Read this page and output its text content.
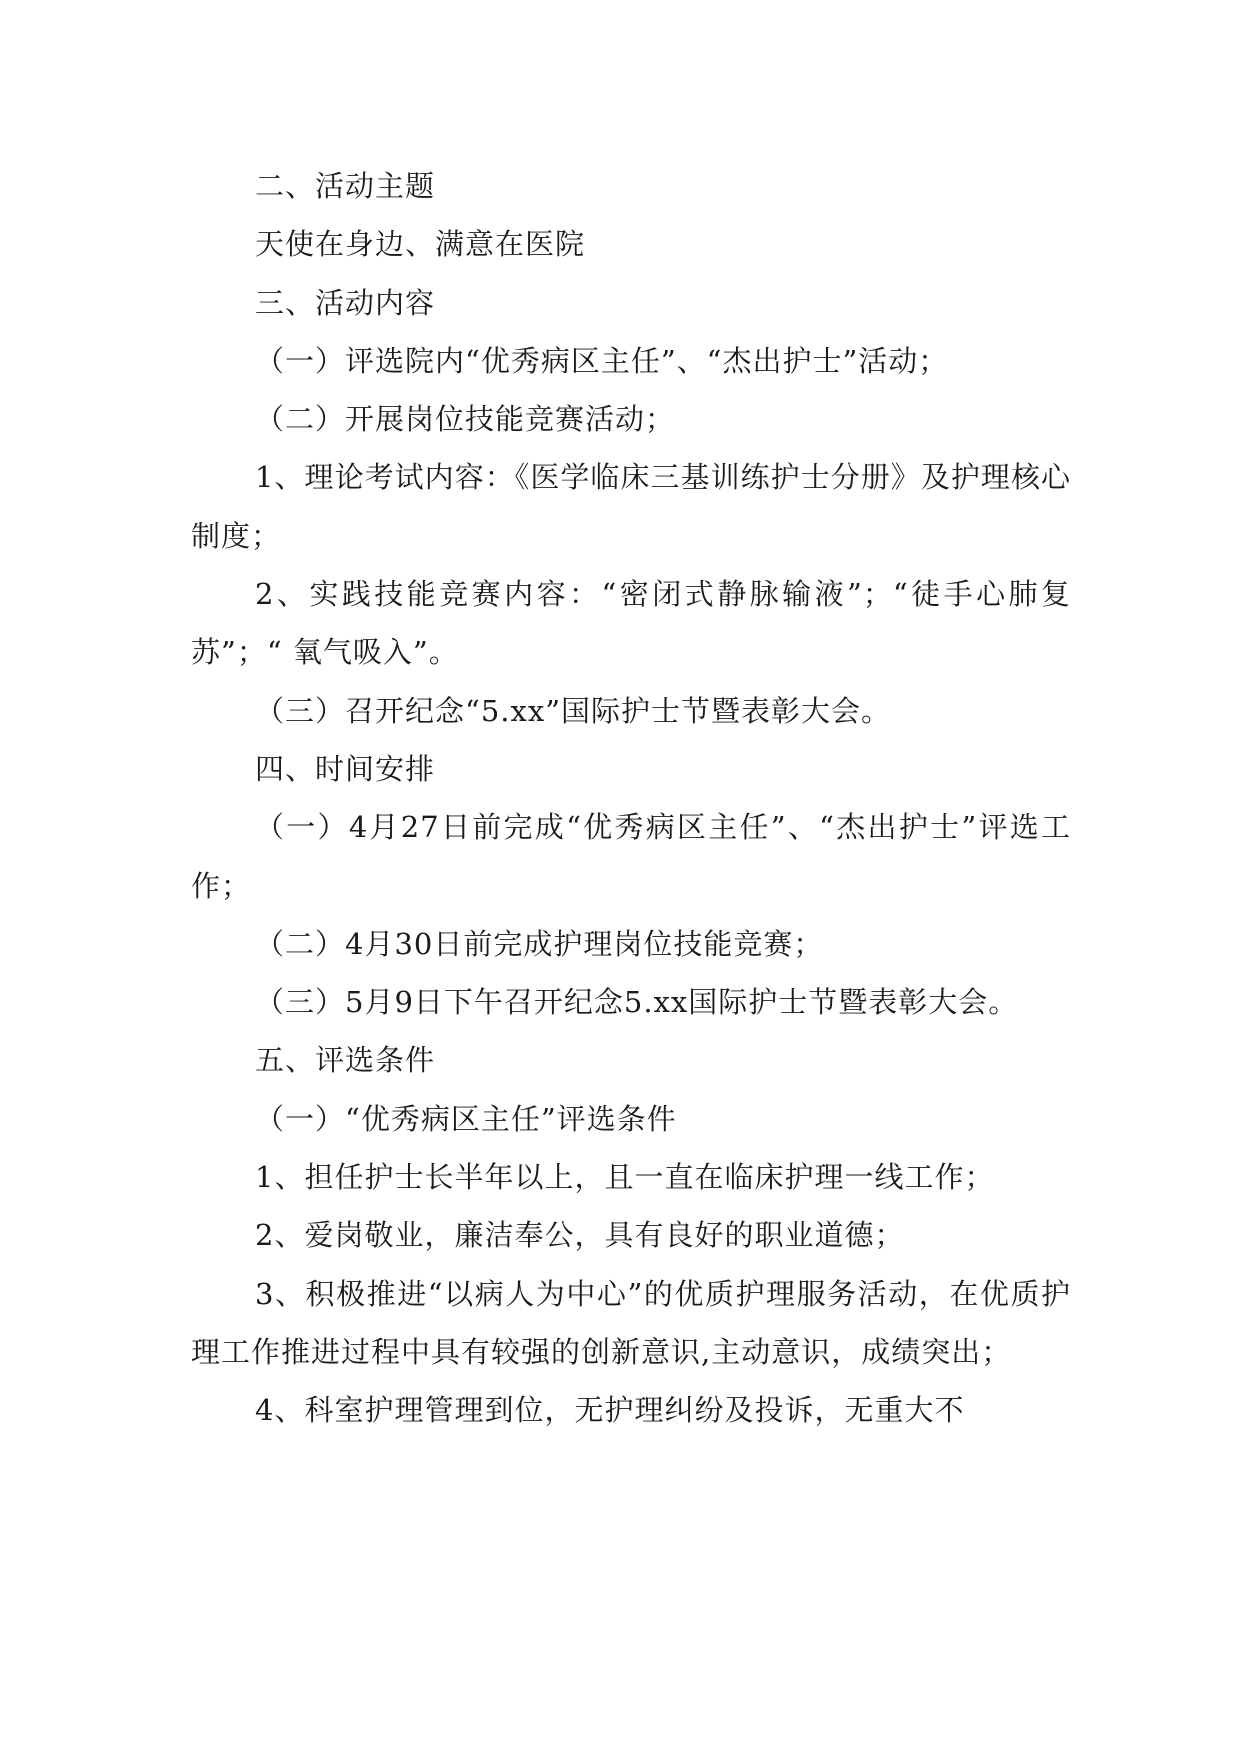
二、活动主题

天使在身边、满意在医院

三、活动内容

（一）评选院内“优秀病区主任”、“杰出护士”活动；

（二）开展岗位技能竞赛活动；

1、理论考试内容：《医学临床三基训练护士分册》及护理核心制度；

2、实践技能竞赛内容：“密闭式静脉输液”；“徒手心肺复苏”；“ 氧气吸入”。

（三）召开纪念“5.xx”国际护士节暨表彰大会。

四、时间安排

（一）4月27日前完成“优秀病区主任”、“杰出护士”评选工作；

（二）4月30日前完成护理岗位技能竞赛；

（三）5月9日下午召开纪念5.xx国际护士节暨表彰大会。

五、评选条件

（一）“优秀病区主任”评选条件

1、担任护士长半年以上，且一直在临床护理一线工作；

2、爱岗敬业，廉洁奉公，具有良好的职业道德；

3、积极推进“以病人为中心”的优质护理服务活动，在优质护理工作推进过程中具有较强的创新意识,主动意识，成绩突出；

4、科室护理管理到位，无护理纠纷及投诉，无重大不
